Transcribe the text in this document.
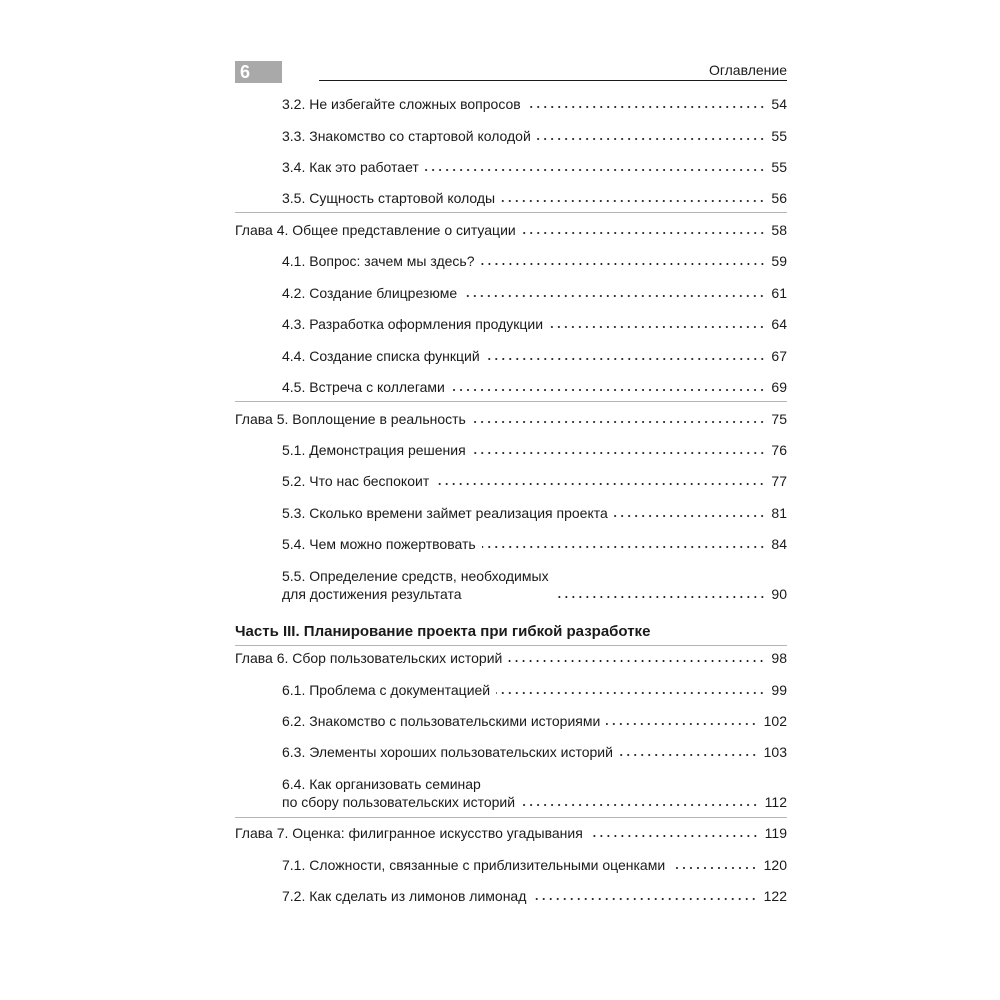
6	Оглавление
3.2. Не избегайте сложных вопросов	54
3.3. Знакомство со стартовой колодой	55
3.4. Как это работает	55
3.5. Сущность стартовой колоды	56
Глава 4. Общее представление о ситуации	58
4.1. Вопрос: зачем мы здесь?	59
4.2. Создание блицрезюме	61
4.3. Разработка оформления продукции	64
4.4. Создание списка функций	67
4.5. Встреча с коллегами	69
Глава 5. Воплощение в реальность	75
5.1. Демонстрация решения	76
5.2. Что нас беспокоит	77
5.3. Сколько времени займет реализация проекта	81
5.4. Чем можно пожертвовать	84
5.5. Определение средств, необходимых
для достижения результата	90
Часть III. Планирование проекта при гибкой разработке
Глава 6. Сбор пользовательских историй	98
6.1. Проблема с документацией	99
6.2. Знакомство с пользовательскими историями	102
6.3. Элементы хороших пользовательских историй	103
6.4. Как организовать семинар
по сбору пользовательских историй	112
Глава 7. Оценка: филигранное искусство угадывания	119
7.1. Сложности, связанные с приблизительными оценками	120
7.2. Как сделать из лимонов лимонад	122
